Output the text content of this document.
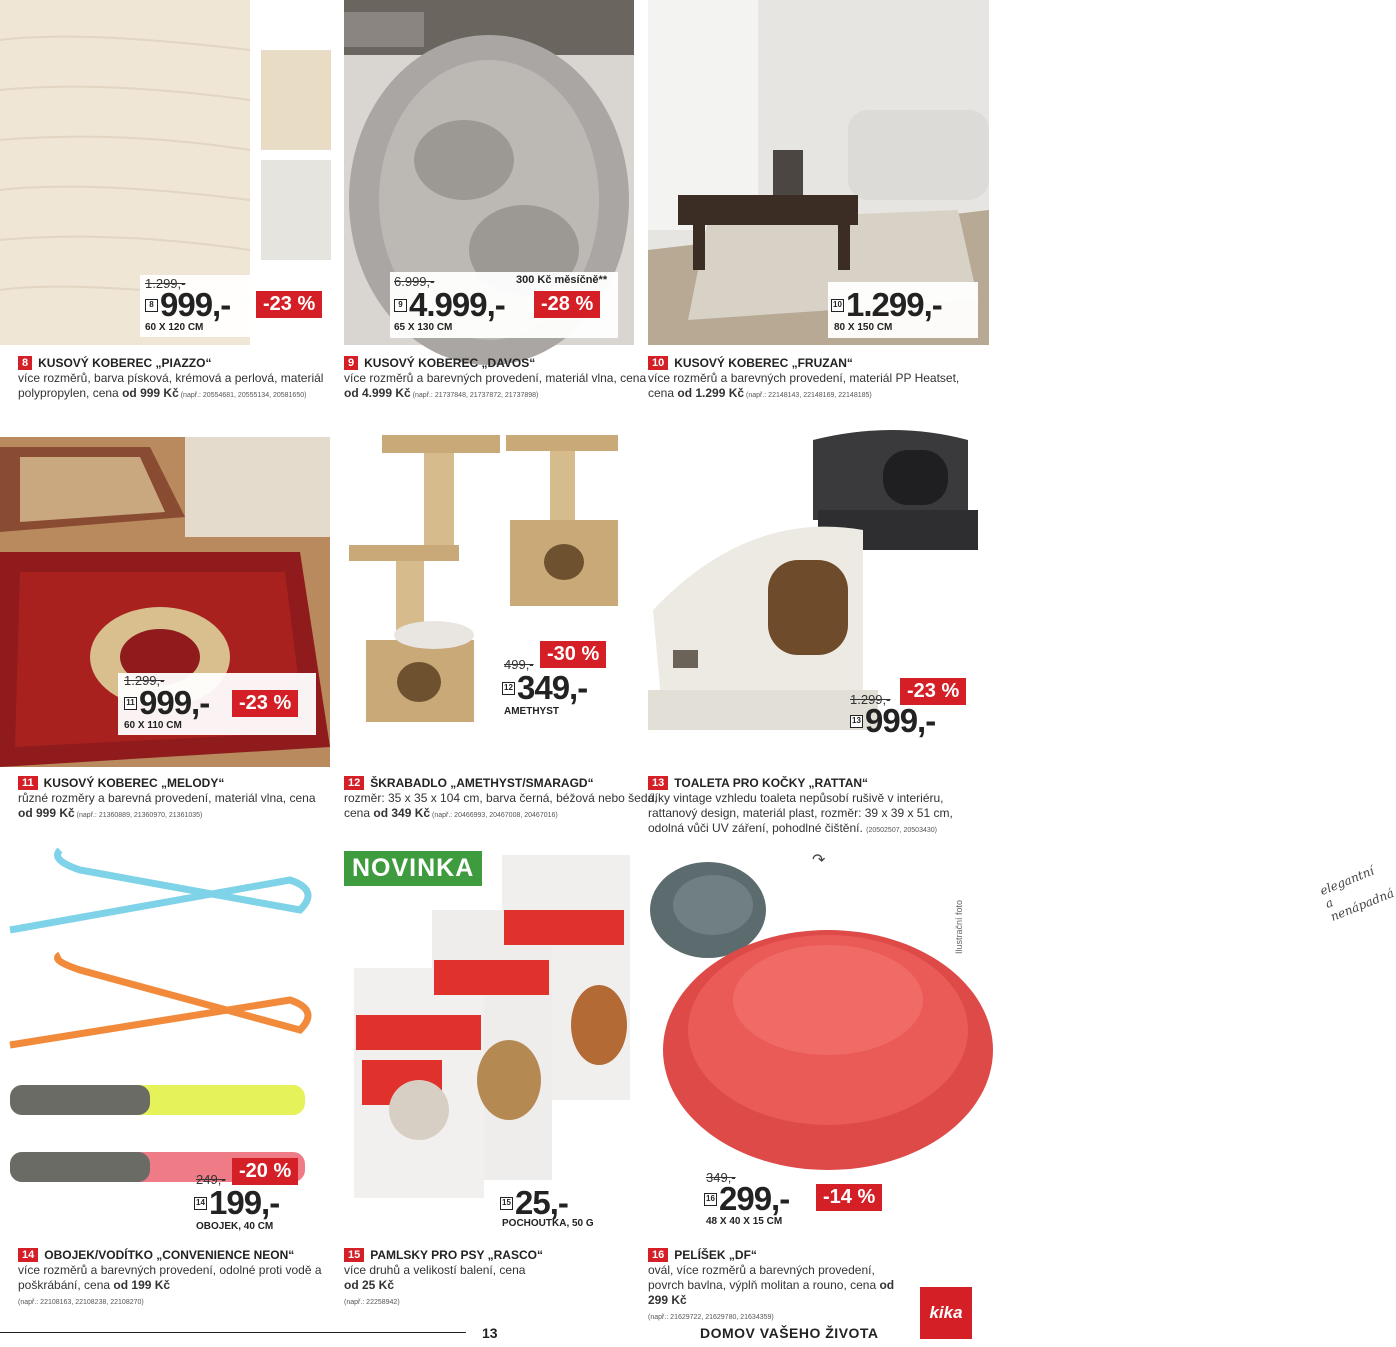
1.299,-
8 999,-	-23 %
60 X 120 CM
8 KUSOVÝ KOBEREC „PIAZZO“
více rozměrů, barva písková, krémová a perlová, materiál polypropylen, cena od 999 Kč (např.: 20554681, 20555134, 20581650)
6.999,-	300 Kč měsíčně**
9 4.999,-	-28 %
65 X 130 CM
9 KUSOVÝ KOBEREC „DAVOS“
více rozměrů a barevných provedení, materiál vlna, cena od 4.999 Kč (např.: 21737848, 21737872, 21737898)
10 1.299,-
80 X 150 CM
10 KUSOVÝ KOBEREC „FRUZAN“
více rozměrů a barevných provedení, materiál PP Heatset, cena od 1.299 Kč (např.: 22148143, 22148169, 22148185)
1.299,-
11 999,-	-23 %
60 X 110 CM
11 KUSOVÝ KOBEREC „MELODY“
různé rozměry a barevná provedení, materiál vlna, cena od 999 Kč (např.: 21360889, 21360970, 21361035)
-30 %
499,-
12 349,-
AMETHYST
12 ŠKRABADLO „AMETHYST/SMARAGD“
rozměr: 35 x 35 x 104 cm, barva černá, béžová nebo šedá, cena od 349 Kč (např.: 20466993, 20467008, 20467016)
elegantní a nenápadná
↷
-23 %
1.299,-
13 999,-
13 TOALETA PRO KOČKY „RATTAN“
díky vintage vzhledu toaleta nepůsobí rušivě v interiéru, rattanový design, materiál plast, rozměr: 39 x 39 x 51 cm, odolná vůči UV záření, pohodlné čištění. (20502507, 20503430)
-20 %
249,-
14 199,-
OBOJEK, 40 CM
14 OBOJEK/VODÍTKO „CONVENIENCE NEON“
více rozměrů a barevných provedení, odolné proti vodě a poškrábání, cena od 199 Kč
(např.: 22108163, 22108238, 22108270)
NOVINKA
15 25,-
POCHOUTKA, 50 G
15 PAMLSKY PRO PSY „RASCO“
více druhů a velikostí balení, cena
od 25 Kč
(např.: 22258942)
349,-
16 299,-	-14 %
48 X 40 X 15 CM
16 PELÍŠEK „DF“
ovál, více rozměrů a barevných provedení, povrch bavlna, výplň molitan a rouno, cena od 299 Kč
(např.: 21629722, 21629780, 21634359)
Ilustrační foto
13	DOMOV VAŠEHO ŽIVOTA
kika
